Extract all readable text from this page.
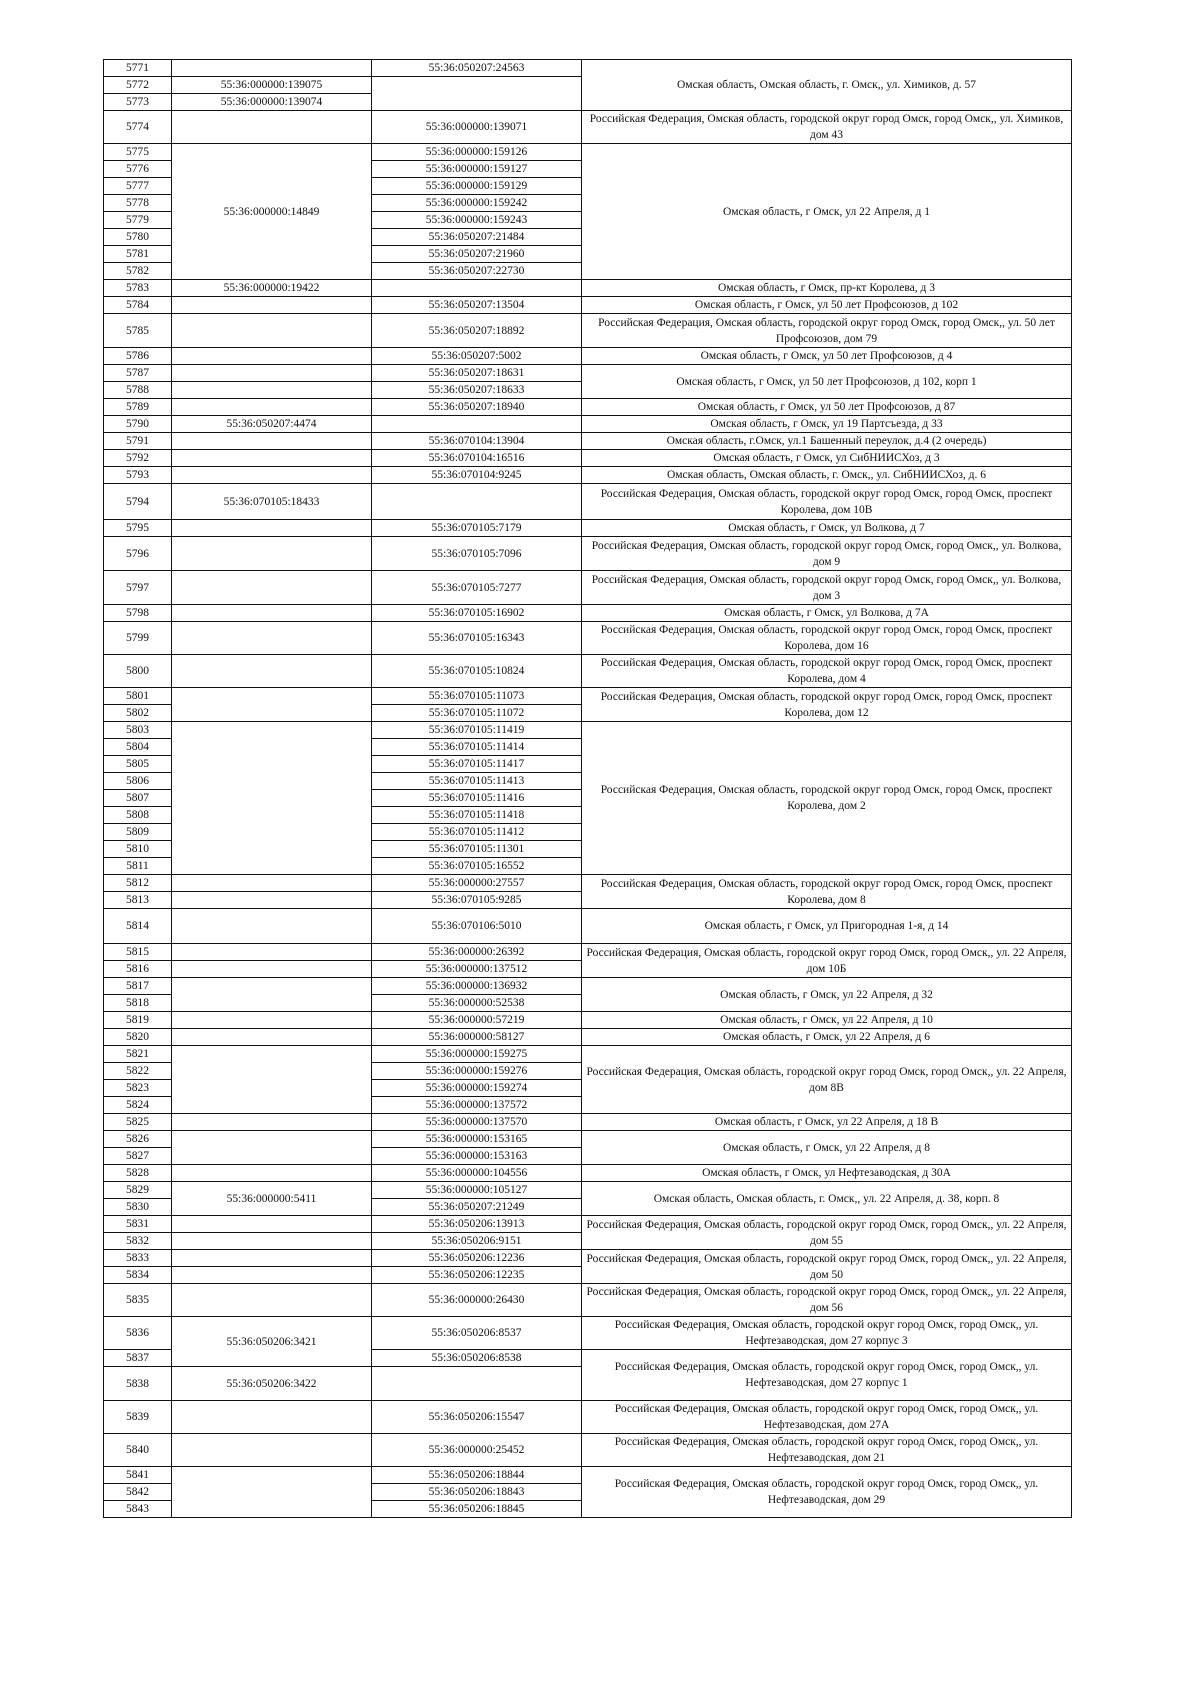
5771		55:36:050207:24563	Омская область, Омская область, г. Омск,, ул. Химиков, д. 57
5772	55:36:000000:139075		
5773	55:36:000000:139074		
5774		55:36:000000:139071	Российская Федерация, Омская область, городской округ город Омск, город Омск,, ул. Химиков, дом 43
5775	55:36:000000:14849	55:36:000000:159126	Омская область, г Омск, ул 22 Апреля, д 1
5776		55:36:000000:159127	
5777		55:36:000000:159129	
5778		55:36:000000:159242	
5779		55:36:000000:159243	
5780		55:36:050207:21484	
5781		55:36:050207:21960	
5782		55:36:050207:22730	
5783	55:36:000000:19422		Омская область, г Омск, пр-кт Королева, д 3
5784		55:36:050207:13504	Омская область, г Омск, ул 50 лет Профсоюзов, д 102
5785		55:36:050207:18892	Российская Федерация, Омская область, городской округ город Омск, город Омск,, ул. 50 лет Профсоюзов, дом 79
5786		55:36:050207:5002	Омская область, г Омск, ул 50 лет Профсоюзов, д 4
5787		55:36:050207:18631	Омская область, г Омск, ул 50 лет Профсоюзов, д 102, корп 1
5788		55:36:050207:18633	
5789		55:36:050207:18940	Омская область, г Омск, ул 50 лет Профсоюзов, д 87
5790	55:36:050207:4474		Омская область, г Омск, ул 19 Партсъезда, д 33
5791		55:36:070104:13904	Омская область, г.Омск, ул.1 Башенный переулок, д.4 (2 очередь)
5792		55:36:070104:16516	Омская область, г Омск, ул СибНИИСХоз, д 3
5793		55:36:070104:9245	Омская область, Омская область, г. Омск,, ул. СибНИИСХоз, д. 6
5794	55:36:070105:18433		Российская Федерация, Омская область, городской округ город Омск, город Омск, проспект Королева, дом 10В
5795		55:36:070105:7179	Омская область, г Омск, ул Волкова, д 7
5796		55:36:070105:7096	Российская Федерация, Омская область, городской округ город Омск, город Омск,, ул. Волкова, дом 9
5797		55:36:070105:7277	Российская Федерация, Омская область, городской округ город Омск, город Омск,, ул. Волкова, дом 3
5798		55:36:070105:16902	Омская область, г Омск, ул Волкова, д 7А
5799		55:36:070105:16343	Российская Федерация, Омская область, городской округ город Омск, город Омск, проспект Королева, дом 16
5800		55:36:070105:10824	Российская Федерация, Омская область, городской округ город Омск, город Омск, проспект Королева, дом 4
5801		55:36:070105:11073	Российская Федерация, Омская область, городской округ город Омск, город Омск, проспект Королева, дом 12
5802		55:36:070105:11072	
5803		55:36:070105:11419	Российская Федерация, Омская область, городской округ город Омск, город Омск, проспект Королева, дом 2
5804		55:36:070105:11414	
5805		55:36:070105:11417	
5806		55:36:070105:11413	
5807		55:36:070105:11416	
5808		55:36:070105:11418	
5809		55:36:070105:11412	
5810		55:36:070105:11301	
5811		55:36:070105:16552	
5812		55:36:000000:27557	Российская Федерация, Омская область, городской округ город Омск, город Омск, проспект Королева, дом 8
5813		55:36:070105:9285	
5814		55:36:070106:5010	Омская область, г Омск, ул Пригородная 1-я, д 14
5815		55:36:000000:26392	Российская Федерация, Омская область, городской округ город Омск, город Омск,, ул. 22 Апреля, дом 10Б
5816		55:36:000000:137512	
5817		55:36:000000:136932	Омская область, г Омск, ул 22 Апреля, д 32
5818		55:36:000000:52538	
5819		55:36:000000:57219	Омская область, г Омск, ул 22 Апреля, д 10
5820		55:36:000000:58127	Омская область, г Омск, ул 22 Апреля, д 6
5821		55:36:000000:159275	Российская Федерация, Омская область, городской округ город Омск, город Омск,, ул. 22 Апреля, дом 8В
5822		55:36:000000:159276	
5823		55:36:000000:159274	
5824		55:36:000000:137572	
5825		55:36:000000:137570	Омская область, г Омск, ул 22 Апреля, д 18 В
5826		55:36:000000:153165	Омская область, г Омск, ул 22 Апреля, д 8
5827		55:36:000000:153163	
5828		55:36:000000:104556	Омская область, г Омск, ул Нефтезаводская, д 30А
5829	55:36:000000:5411	55:36:000000:105127	Омская область, Омская область, г. Омск,, ул. 22 Апреля, д. 38, корп. 8
5830		55:36:050207:21249	
5831		55:36:050206:13913	Российская Федерация, Омская область, городской округ город Омск, город Омск,, ул. 22 Апреля, дом 55
5832		55:36:050206:9151	
5833		55:36:050206:12236	Российская Федерация, Омская область, городской округ город Омск, город Омск,, ул. 22 Апреля, дом 50
5834		55:36:050206:12235	
5835		55:36:000000:26430	Российская Федерация, Омская область, городской округ город Омск, город Омск,, ул. 22 Апреля, дом 56
5836	55:36:050206:3421	55:36:050206:8537	Российская Федерация, Омская область, городской округ город Омск, город Омск,, ул. Нефтезаводская, дом 27 корпус 3
5837		55:36:050206:8538	Российская Федерация, Омская область, городской округ город Омск, город Омск,, ул. Нефтезаводская, дом 27 корпус 1
5838	55:36:050206:3422		
5839		55:36:050206:15547	Российская Федерация, Омская область, городской округ город Омск, город Омск,, ул. Нефтезаводская, дом 27А
5840		55:36:000000:25452	Российская Федерация, Омская область, городской округ город Омск, город Омск,, ул. Нефтезаводская, дом 21
5841		55:36:050206:18844	Российская Федерация, Омская область, городской округ город Омск, город Омск,, ул. Нефтезаводская, дом 29
5842		55:36:050206:18843	
5843		55:36:050206:18845	
